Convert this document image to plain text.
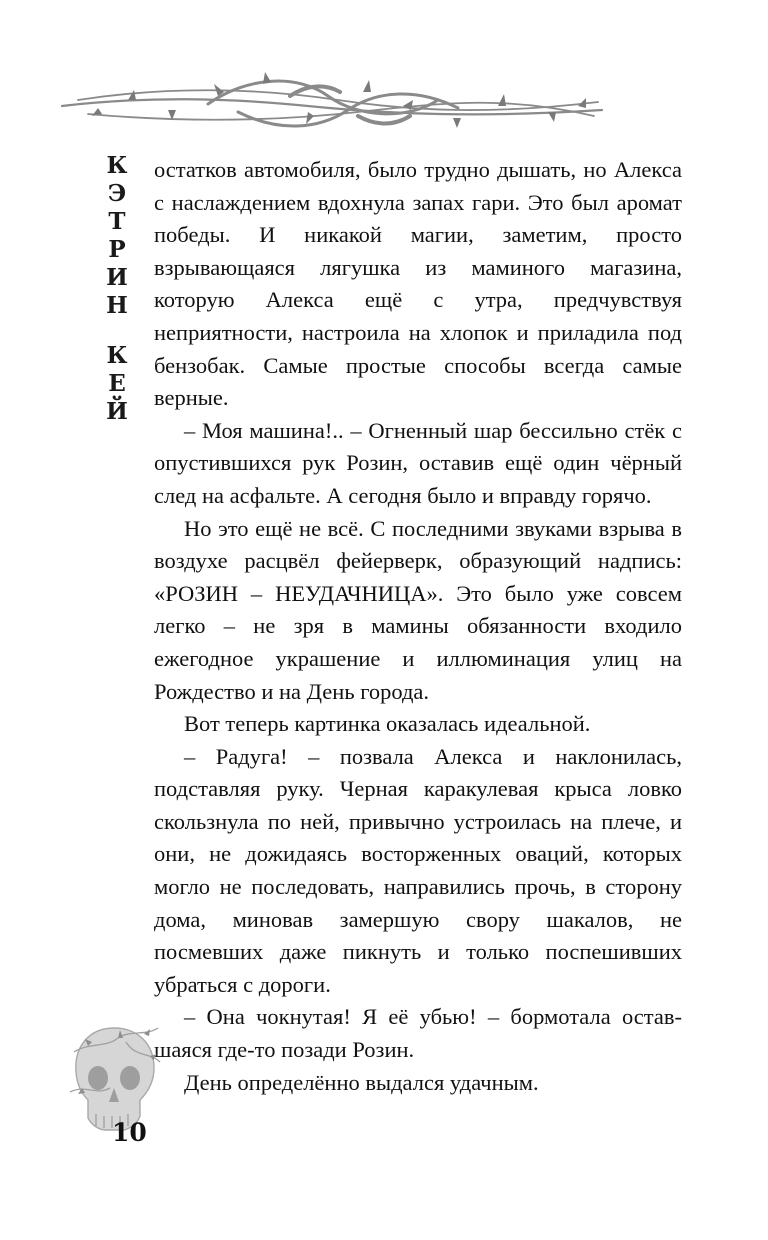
К
Э
Т
Р
И
Н
К
Е
Й

остатков автомобиля, было трудно дышать, но Алекса с наслаждением вдохнула запах гари. Это был аромат победы. И никакой магии, заметим, просто взрывающаяся лягушка из маминого магазина, которую Алекса ещё с утра, предчувствуя неприятности, настроила на хлопок и приладила под бензобак. Самые простые способы всегда самые верные.

– Моя машина!.. – Огненный шар бессильно стёк с опустившихся рук Розин, оставив ещё один чёрный след на асфальте. А сегодня было и вправду горячо.

Но это ещё не всё. С последними звуками взрыва в воздухе расцвёл фейерверк, образующий надпись: «РОЗИН – НЕУДАЧНИЦА». Это было уже совсем легко – не зря в мамины обязанности входило ежегодное украшение и иллюминация улиц на Рождество и на День города.

Вот теперь картинка оказалась идеальной.

– Радуга! – позвала Алекса и наклонилась, подставляя руку. Черная каракулевая крыса ловко скользнула по ней, привычно устроилась на плече, и они, не дожидаясь восторженных оваций, которых могло не последовать, направились прочь, в сторону дома, миновав замершую свору шакалов, не посмевших даже пикнуть и только поспешивших убраться с дороги.

– Она чокнутая! Я её убью! – бормотала оставшаяся где-то позади Розин.

День определённо выдался удачным.

10
